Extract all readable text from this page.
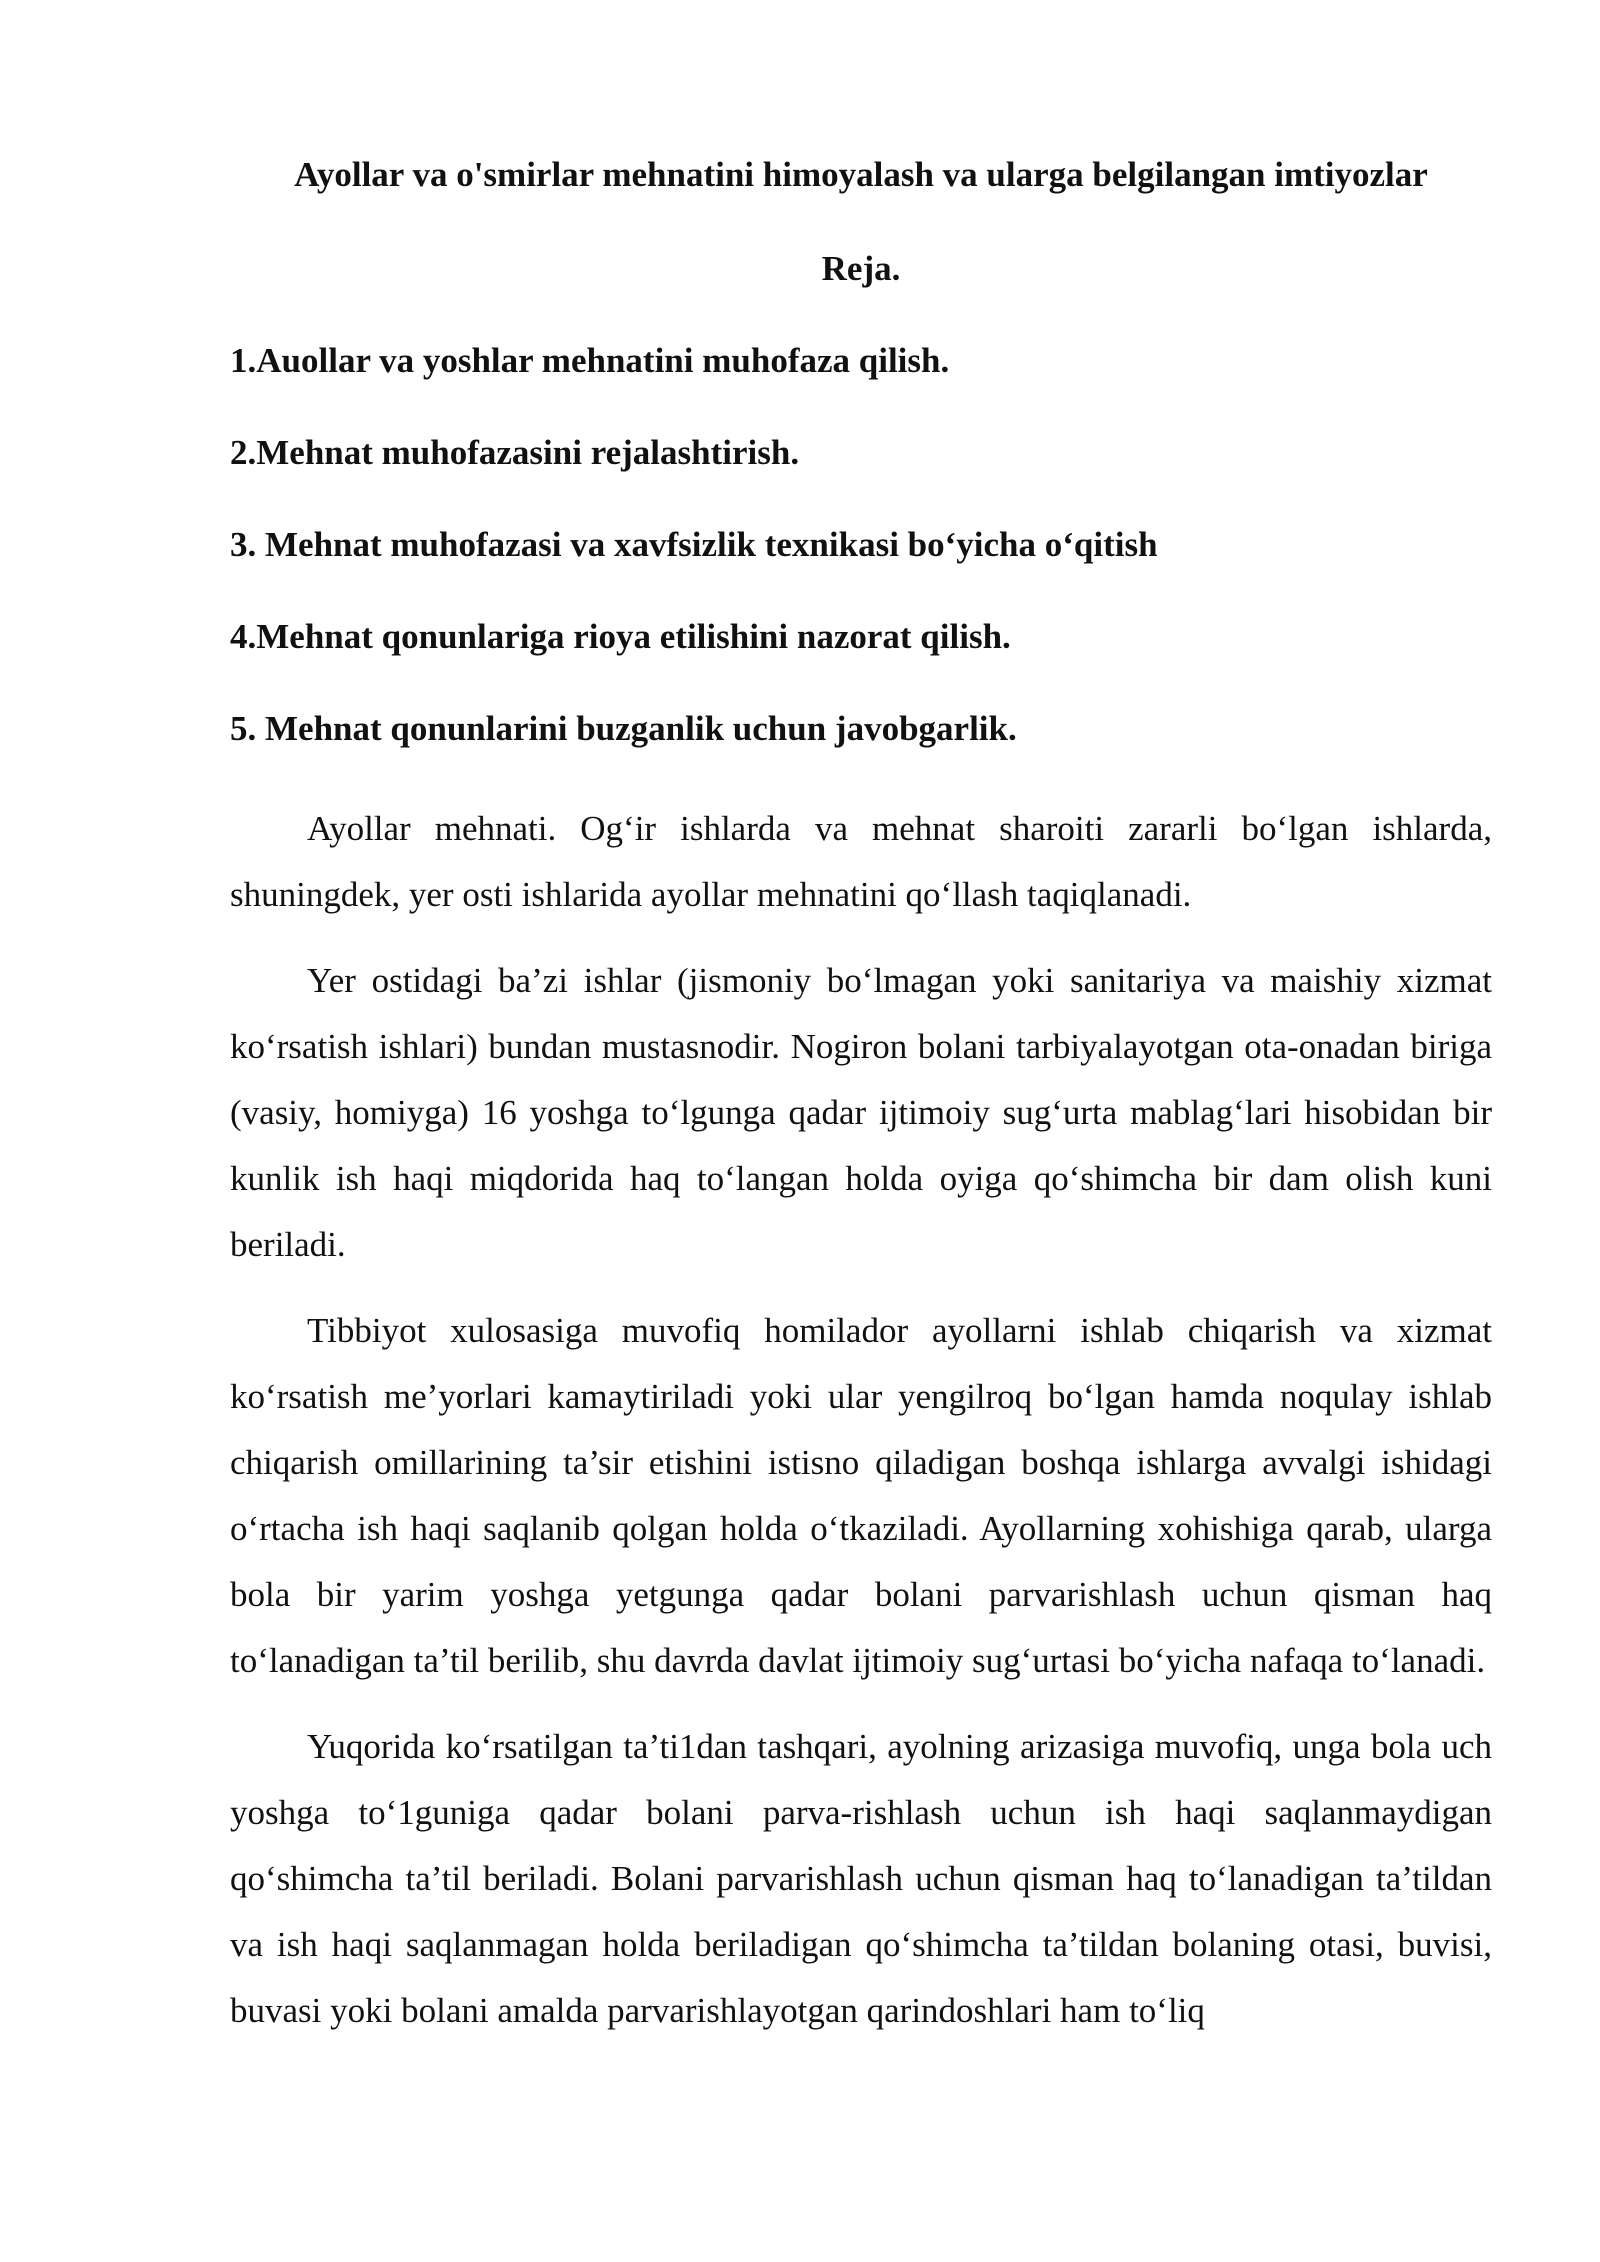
Ayollar va o'smirlar mehnatini himoyalash va ularga belgilangan imtiyozlar
Reja.
1.Auollar va yoshlar mehnatini muhofaza qilish.
2.Mehnat muhofazasini rejalashtirish.
3. Mehnat muhofazasi va xavfsizlik texnikasi bo‘yicha o‘qitish
4.Mehnat qonunlariga rioya etilishini nazorat qilish.
5. Mehnat qonunlarini buzganlik uchun javobgarlik.

Ayollar mehnati. Og‘ir ishlarda va mehnat sharoiti zararli bo‘lgan ishlarda, shuningdek, yer osti ishlarida ayollar mehnatini qo‘llash taqiqlanadi.

Yer ostidagi ba’zi ishlar (jismoniy bo‘lmagan yoki sanitariya va maishiy xizmat ko‘rsatish ishlari) bundan mustasnodir. Nogiron bolani tarbiyalayotgan ota-onadan biriga (vasiy, homiyga) 16 yoshga to‘lgunga qadar ijtimoiy sug‘urta mablag‘lari hisobidan bir kunlik ish haqi miqdorida haq to‘langan holda oyiga qo‘shimcha bir dam olish kuni beriladi.

Tibbiyot xulosasiga muvofiq homilador ayollarni ishlab chiqarish va xizmat ko‘rsatish me’yorlari kamaytiriladi yoki ular yengilroq bo‘lgan hamda noqulay ishlab chiqarish omillarining ta’sir etishini istisno qiladigan boshqa ishlarga avvalgi ishidagi o‘rtacha ish haqi saqlanib qolgan holda o‘tkaziladi. Ayollarning xohishiga qarab, ularga bola bir yarim yoshga yetgunga qadar bolani parvarishlash uchun qisman haq to‘lanadigan ta’til berilib, shu davrda davlat ijtimoiy sug‘urtasi bo‘yicha nafaqa to‘lanadi.

Yuqorida ko‘rsatilgan ta’ti1dan tashqari, ayolning arizasiga muvofiq, unga bola uch yoshga to‘1guniga qadar bolani parva-rishlash uchun ish haqi saqlanmaydigan qo‘shimcha ta’til beriladi. Bolani parvarishlash uchun qisman haq to‘lanadigan ta’tildan va ish haqi saqlanmagan holda beriladigan qo‘shimcha ta’tildan bolaning otasi, buvisi, buvasi yoki bolani amalda parvarishlayotgan qarindoshlari ham to‘liq
